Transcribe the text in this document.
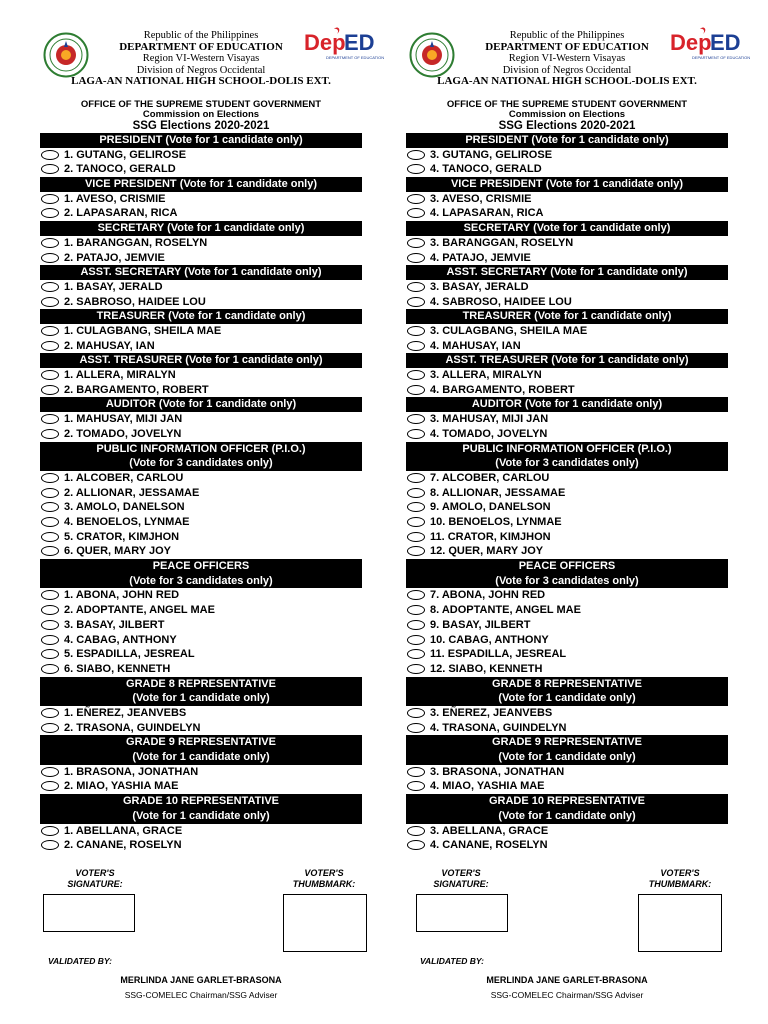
Dep
ED
DEPARTMENT OF EDUCATION
Republic of the Philippines
DEPARTMENT OF EDUCATION
Region VI-Western Visayas
Division of Negros Occidental
LAGA-AN NATIONAL HIGH SCHOOL-DOLIS EXT.
OFFICE OF THE SUPREME STUDENT GOVERNMENT
Commission on Elections
SSG Elections 2020-2021
PRESIDENT (Vote for 1 candidate only)
1. GUTANG, GELIROSE
2. TANOCO, GERALD
VICE PRESIDENT (Vote for 1 candidate only)
1. AVESO, CRISMIE
2. LAPASARAN, RICA
SECRETARY (Vote for 1 candidate only)
1. BARANGGAN, ROSELYN
2. PATAJO, JEMVIE
ASST. SECRETARY (Vote for 1 candidate only)
1. BASAY, JERALD
2. SABROSO, HAIDEE LOU
TREASURER (Vote for 1 candidate only)
1. CULAGBANG, SHEILA MAE
2. MAHUSAY, IAN
ASST. TREASURER (Vote for 1 candidate only)
1. ALLERA, MIRALYN
2. BARGAMENTO, ROBERT
AUDITOR (Vote for 1 candidate only)
1. MAHUSAY, MIJI JAN
2. TOMADO, JOVELYN
PUBLIC INFORMATION OFFICER (P.I.O.)
(Vote for 3 candidates only)
1. ALCOBER, CARLOU
2. ALLIONAR, JESSAMAE
3. AMOLO, DANELSON
4. BENOELOS, LYNMAE
5. CRATOR, KIMJHON
6. QUER, MARY JOY
PEACE OFFICERS
(Vote for 3 candidates only)
1. ABONA, JOHN RED
2. ADOPTANTE, ANGEL MAE
3. BASAY, JILBERT
4. CABAG, ANTHONY
5. ESPADILLA, JESREAL
6. SIABO, KENNETH
GRADE 8 REPRESENTATIVE
(Vote for 1 candidate only)
1. EÑEREZ, JEANVEBS
2. TRASONA, GUINDELYN
GRADE 9 REPRESENTATIVE
(Vote for 1 candidate only)
1. BRASONA, JONATHAN
2. MIAO, YASHIA MAE
GRADE 10 REPRESENTATIVE
(Vote for 1 candidate only)
1. ABELLANA, GRACE
2. CANANE, ROSELYN
Dep
ED
DEPARTMENT OF EDUCATION
Republic of the Philippines
DEPARTMENT OF EDUCATION
Region VI-Western Visayas
Division of Negros Occidental
LAGA-AN NATIONAL HIGH SCHOOL-DOLIS EXT.
OFFICE OF THE SUPREME STUDENT GOVERNMENT
Commission on Elections
SSG Elections 2020-2021
PRESIDENT (Vote for 1 candidate only)
3. GUTANG, GELIROSE
4. TANOCO, GERALD
VICE PRESIDENT (Vote for 1 candidate only)
3. AVESO, CRISMIE
4. LAPASARAN, RICA
SECRETARY (Vote for 1 candidate only)
3. BARANGGAN, ROSELYN
4. PATAJO, JEMVIE
ASST. SECRETARY (Vote for 1 candidate only)
3. BASAY, JERALD
4. SABROSO, HAIDEE LOU
TREASURER (Vote for 1 candidate only)
3. CULAGBANG, SHEILA MAE
4. MAHUSAY, IAN
ASST. TREASURER (Vote for 1 candidate only)
3. ALLERA, MIRALYN
4. BARGAMENTO, ROBERT
AUDITOR (Vote for 1 candidate only)
3. MAHUSAY, MIJI JAN
4. TOMADO, JOVELYN
PUBLIC INFORMATION OFFICER (P.I.O.)
(Vote for 3 candidates only)
7. ALCOBER, CARLOU
8. ALLIONAR, JESSAMAE
9. AMOLO, DANELSON
10. BENOELOS, LYNMAE
11. CRATOR, KIMJHON
12. QUER, MARY JOY
PEACE OFFICERS
(Vote for 3 candidates only)
7. ABONA, JOHN RED
8. ADOPTANTE, ANGEL MAE
9. BASAY, JILBERT
10. CABAG, ANTHONY
11. ESPADILLA, JESREAL
12. SIABO, KENNETH
GRADE 8 REPRESENTATIVE
(Vote for 1 candidate only)
3. EÑEREZ, JEANVEBS
4. TRASONA, GUINDELYN
GRADE 9 REPRESENTATIVE
(Vote for 1 candidate only)
3. BRASONA, JONATHAN
4. MIAO, YASHIA MAE
GRADE 10 REPRESENTATIVE
(Vote for 1 candidate only)
3. ABELLANA, GRACE
4. CANANE, ROSELYN
VOTER'S
SIGNATURE:
VOTER'S
THUMBMARK:
VALIDATED BY:
MERLINDA JANE GARLET-BRASONA
SSG-COMELEC Chairman/SSG Adviser
VOTER'S
SIGNATURE:
VOTER'S
THUMBMARK:
VALIDATED BY:
MERLINDA JANE GARLET-BRASONA
SSG-COMELEC Chairman/SSG Adviser
